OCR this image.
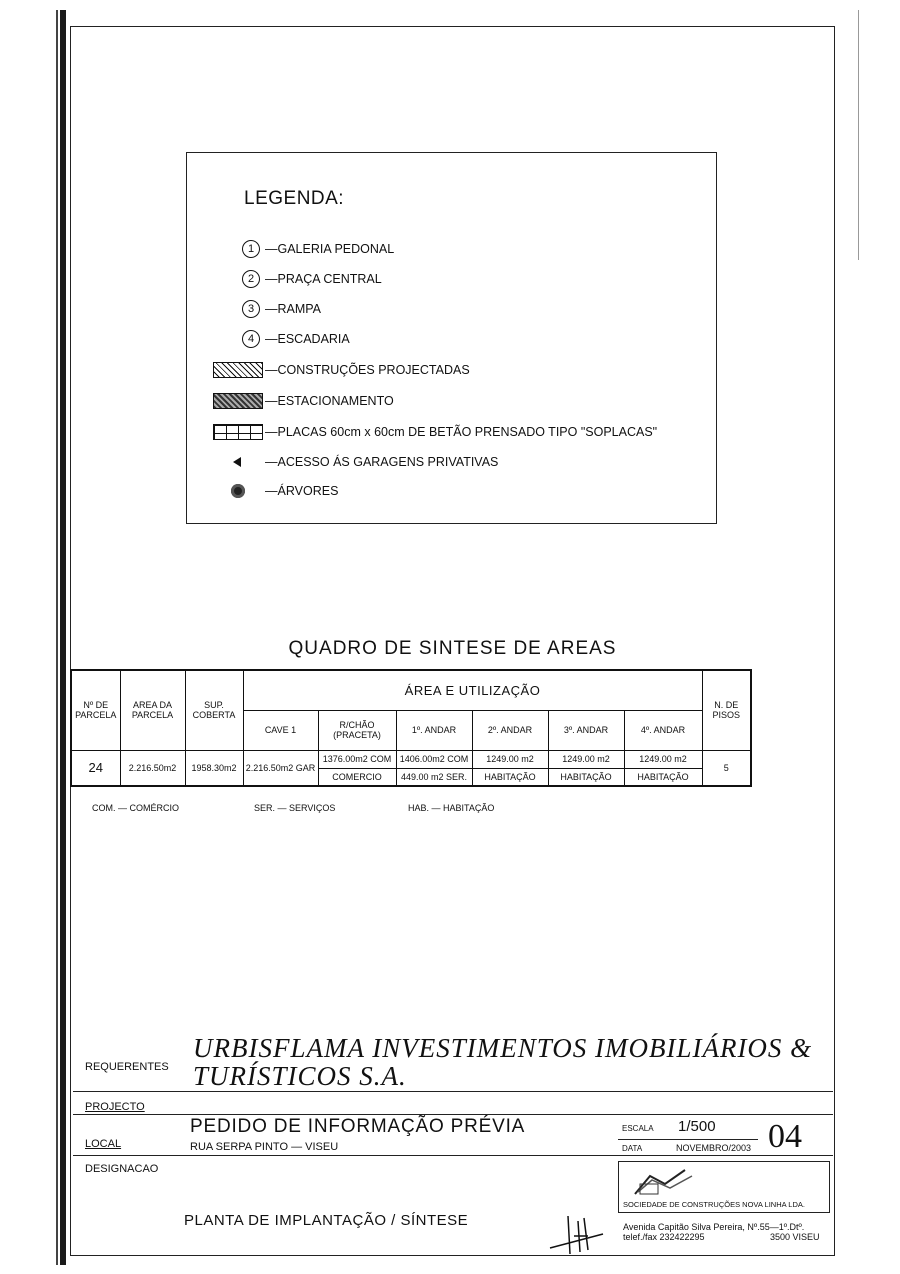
LEGENDA:
1 —GALERIA PEDONAL
2 —PRAÇA CENTRAL
3 —RAMPA
4 —ESCADARIA
—CONSTRUÇÕES PROJECTADAS
—ESTACIONAMENTO
—PLACAS 60cm x 60cm DE BETÃO PRENSADO TIPO "SOPLACAS"
—ACESSO ÁS GARAGENS PRIVATIVAS
—ÁRVORES
QUADRO DE SINTESE DE AREAS
Nº DE PARCELA	AREA DA PARCELA	SUP. COBERTA	ÁREA E UTILIZAÇÃO						N. DE PISOS
			CAVE 1	R/CHÃO (PRACETA)	1º. ANDAR	2º. ANDAR	3º. ANDAR	4º. ANDAR	
24	2.216.50m2	1958.30m2	2.216.50m2 GAR	1376.00m2 COM	1406.00m2 COM	1249.00 m2	1249.00 m2	1249.00 m2	5
				COMERCIO	449.00 m2 SER.	HABITAÇÃO	HABITAÇÃO	HABITAÇÃO	
COM. — COMÉRCIO	SER. — SERVIÇOS	HAB. — HABITAÇÃO
REQUERENTES
URBISFLAMA INVESTIMENTOS IMOBILIÁRIOS &
TURÍSTICOS S.A.
PROJECTO
PEDIDO DE INFORMAÇÃO PRÉVIA
LOCAL	RUA SERPA PINTO — VISEU
DESIGNACAO
PLANTA DE IMPLANTAÇÃO / SÍNTESE
ESCALA 1/500
DATA	NOVEMBRO/2003 04
SOCIEDADE DE CONSTRUÇÕES NOVA LINHA LDA.
Avenida Capitão Silva Pereira, Nº.55—1º.Dtº.
telef./fax 232422295	3500 VISEU
